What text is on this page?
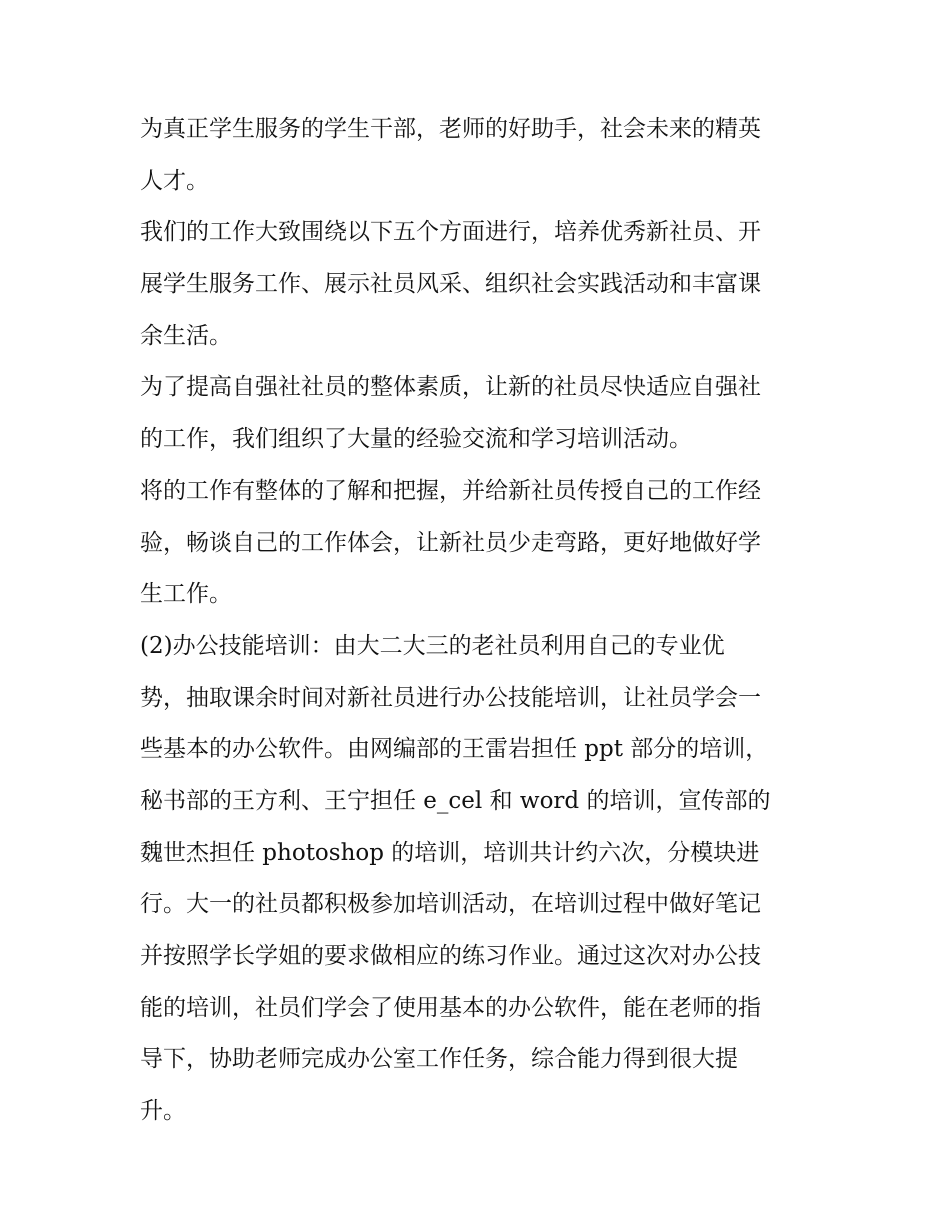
为真正学生服务的学生干部，老师的好助手，社会未来的精英
人才。
我们的工作大致围绕以下五个方面进行，培养优秀新社员、开
展学生服务工作、展示社员风采、组织社会实践活动和丰富课
余生活。
为了提高自强社社员的整体素质，让新的社员尽快适应自强社
的工作，我们组织了大量的经验交流和学习培训活动。
将的工作有整体的了解和把握，并给新社员传授自己的工作经
验，畅谈自己的工作体会，让新社员少走弯路，更好地做好学
生工作。
(2)办公技能培训：由大二大三的老社员利用自己的专业优
势，抽取课余时间对新社员进行办公技能培训，让社员学会一
些基本的办公软件。由网编部的王雷岩担任 ppt 部分的培训，
秘书部的王方利、王宁担任 e_cel 和 word 的培训，宣传部的
魏世杰担任 photoshop 的培训，培训共计约六次，分模块进
行。大一的社员都积极参加培训活动，在培训过程中做好笔记
并按照学长学姐的要求做相应的练习作业。通过这次对办公技
能的培训，社员们学会了使用基本的办公软件，能在老师的指
导下，协助老师完成办公室工作任务，综合能力得到很大提
升。
